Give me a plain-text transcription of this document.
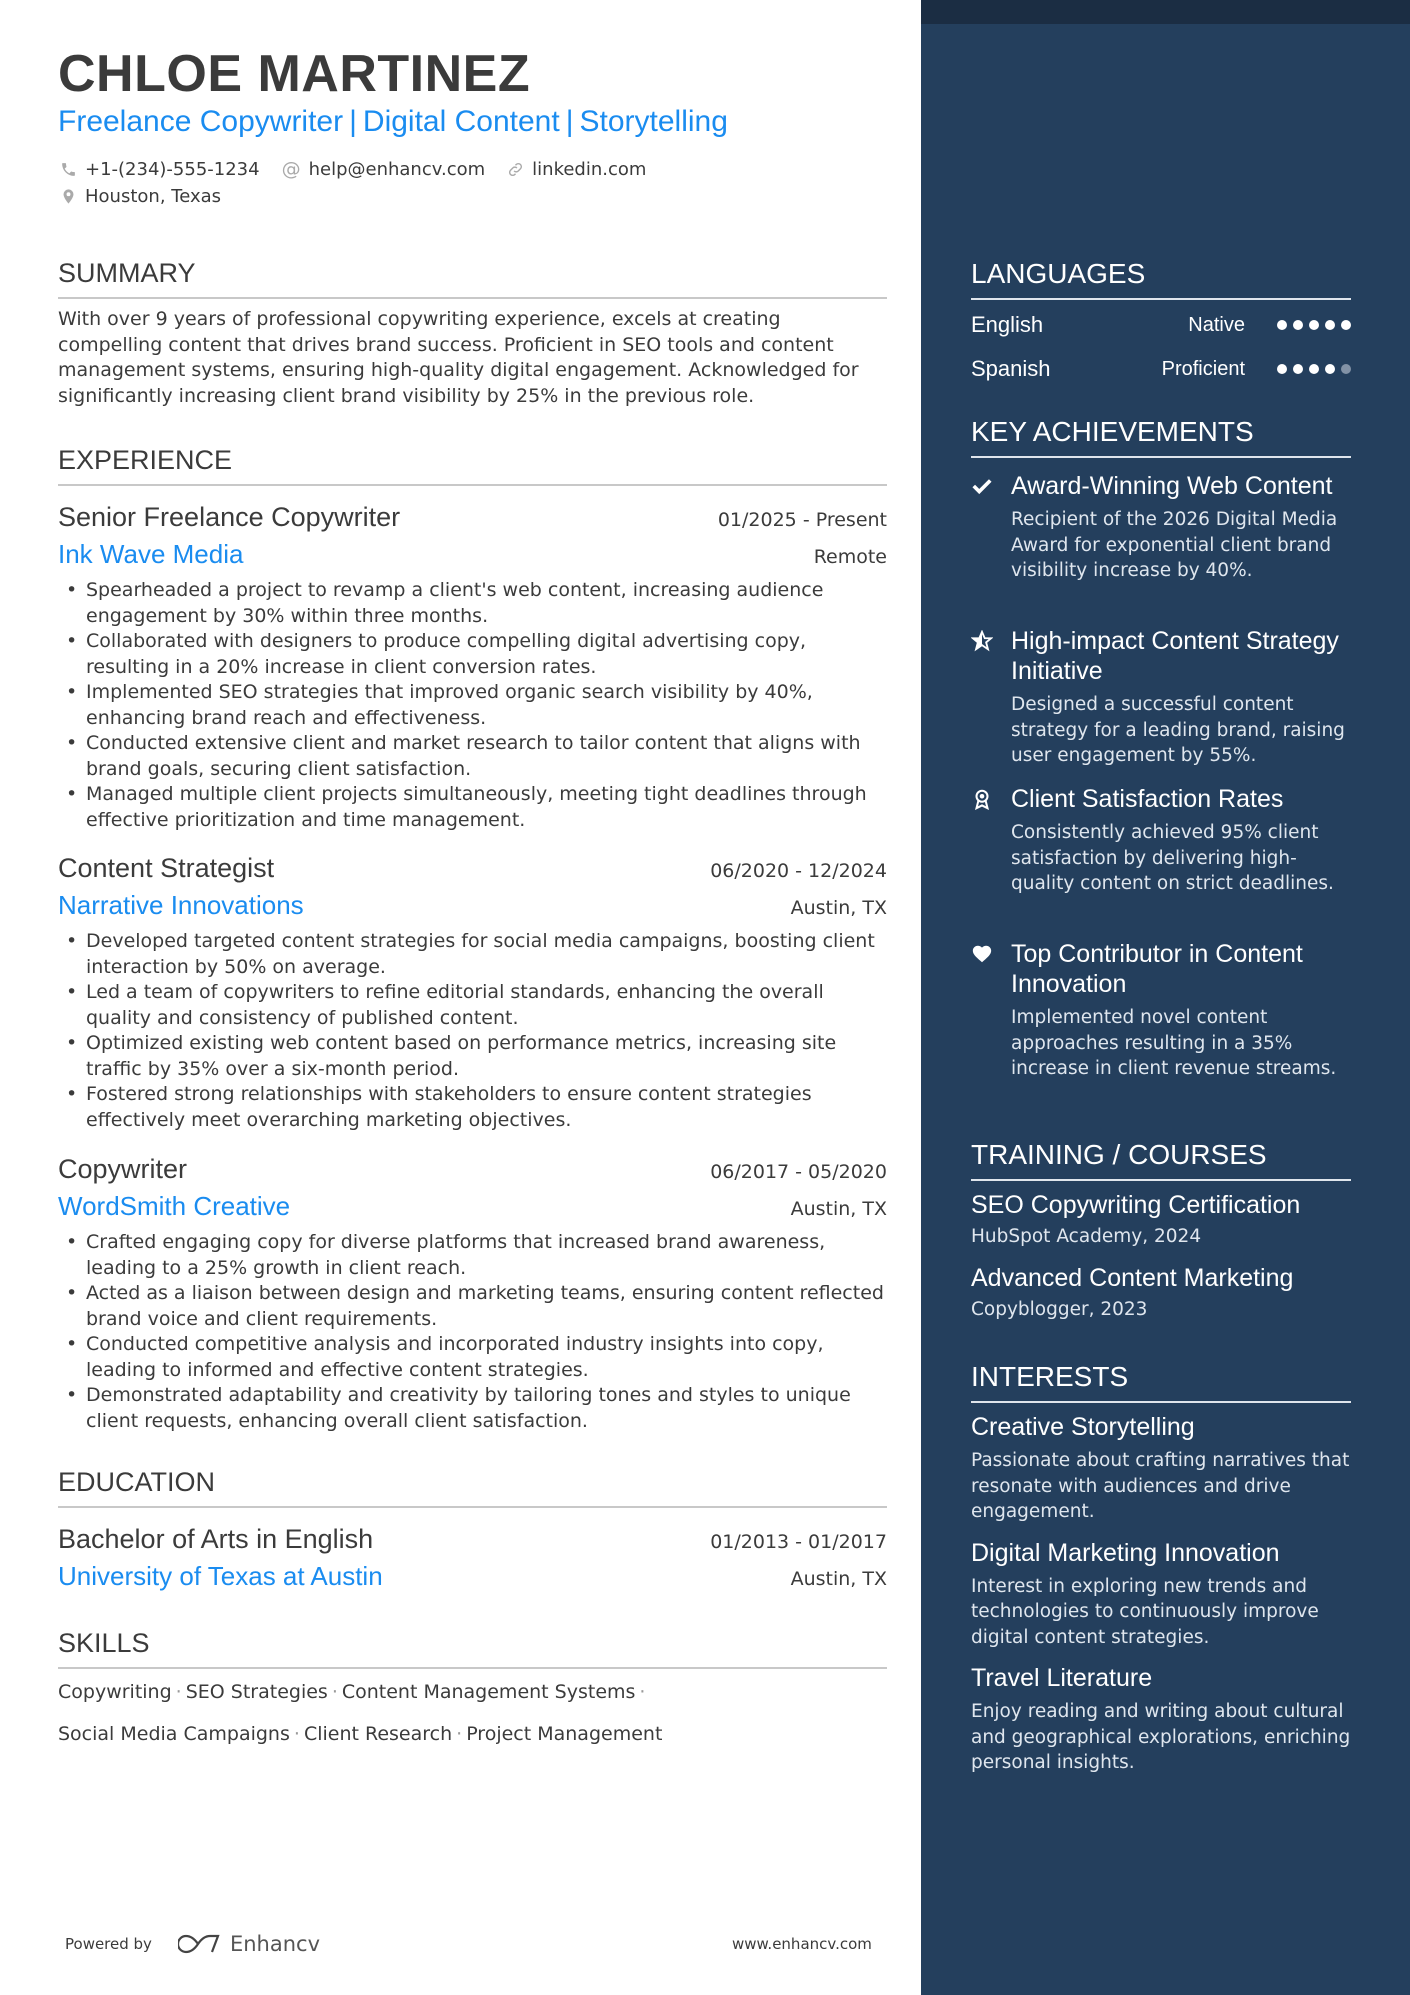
CHLOE MARTINEZ
Freelance Copywriter | Digital Content | Storytelling
+1-(234)-555-1234 @ help@enhancv.com	linkedin.com
Houston, Texas
SUMMARY

With over 9 years of professional copywriting experience, excels at creating compelling content that drives brand success. Proficient in SEO tools and content management systems, ensuring high-quality digital engagement. Acknowledged for significantly increasing client brand visibility by 25% in the previous role.

EXPERIENCE
Senior Freelance Copywriter	01/2025 - Present
Ink Wave Media	Remote
• Spearheaded a project to revamp a client's web content, increasing audience engagement by 30% within three months.
• Collaborated with designers to produce compelling digital advertising copy, resulting in a 20% increase in client conversion rates.
• Implemented SEO strategies that improved organic search visibility by 40%, enhancing brand reach and effectiveness.
• Conducted extensive client and market research to tailor content that aligns with brand goals, securing client satisfaction.
• Managed multiple client projects simultaneously, meeting tight deadlines through effective prioritization and time management.
Content Strategist	06/2020 - 12/2024
Narrative Innovations	Austin, TX
• Developed targeted content strategies for social media campaigns, boosting client interaction by 50% on average.
• Led a team of copywriters to refine editorial standards, enhancing the overall quality and consistency of published content.
• Optimized existing web content based on performance metrics, increasing site traffic by 35% over a six-month period.
• Fostered strong relationships with stakeholders to ensure content strategies effectively meet overarching marketing objectives.
Copywriter	06/2017 - 05/2020
WordSmith Creative	Austin, TX
• Crafted engaging copy for diverse platforms that increased brand awareness, leading to a 25% growth in client reach.
• Acted as a liaison between design and marketing teams, ensuring content reflected brand voice and client requirements.
• Conducted competitive analysis and incorporated industry insights into copy, leading to informed and effective content strategies.
• Demonstrated adaptability and creativity by tailoring tones and styles to unique client requests, enhancing overall client satisfaction.
EDUCATION
Bachelor of Arts in English	01/2013 - 01/2017
University of Texas at Austin	Austin, TX
SKILLS
Copywriting · SEO Strategies · Content Management Systems ·
Social Media Campaigns · Client Research · Project Management
Powered by	Enhancv	www.enhancv.com
LANGUAGES
English	Native
Spanish	Proficient
KEY ACHIEVEMENTS
Award-Winning Web Content
Recipient of the 2026 Digital Media Award for exponential client brand visibility increase by 40%.
High-impact Content Strategy Initiative
Designed a successful content strategy for a leading brand, raising user engagement by 55%.
Client Satisfaction Rates
Consistently achieved 95% client satisfaction by delivering high-quality content on strict deadlines.
Top Contributor in Content Innovation
Implemented novel content approaches resulting in a 35% increase in client revenue streams.
TRAINING / COURSES
SEO Copywriting Certification
HubSpot Academy, 2024
Advanced Content Marketing
Copyblogger, 2023
INTERESTS
Creative Storytelling
Passionate about crafting narratives that resonate with audiences and drive engagement.
Digital Marketing Innovation
Interest in exploring new trends and technologies to continuously improve digital content strategies.
Travel Literature
Enjoy reading and writing about cultural and geographical explorations, enriching personal insights.
